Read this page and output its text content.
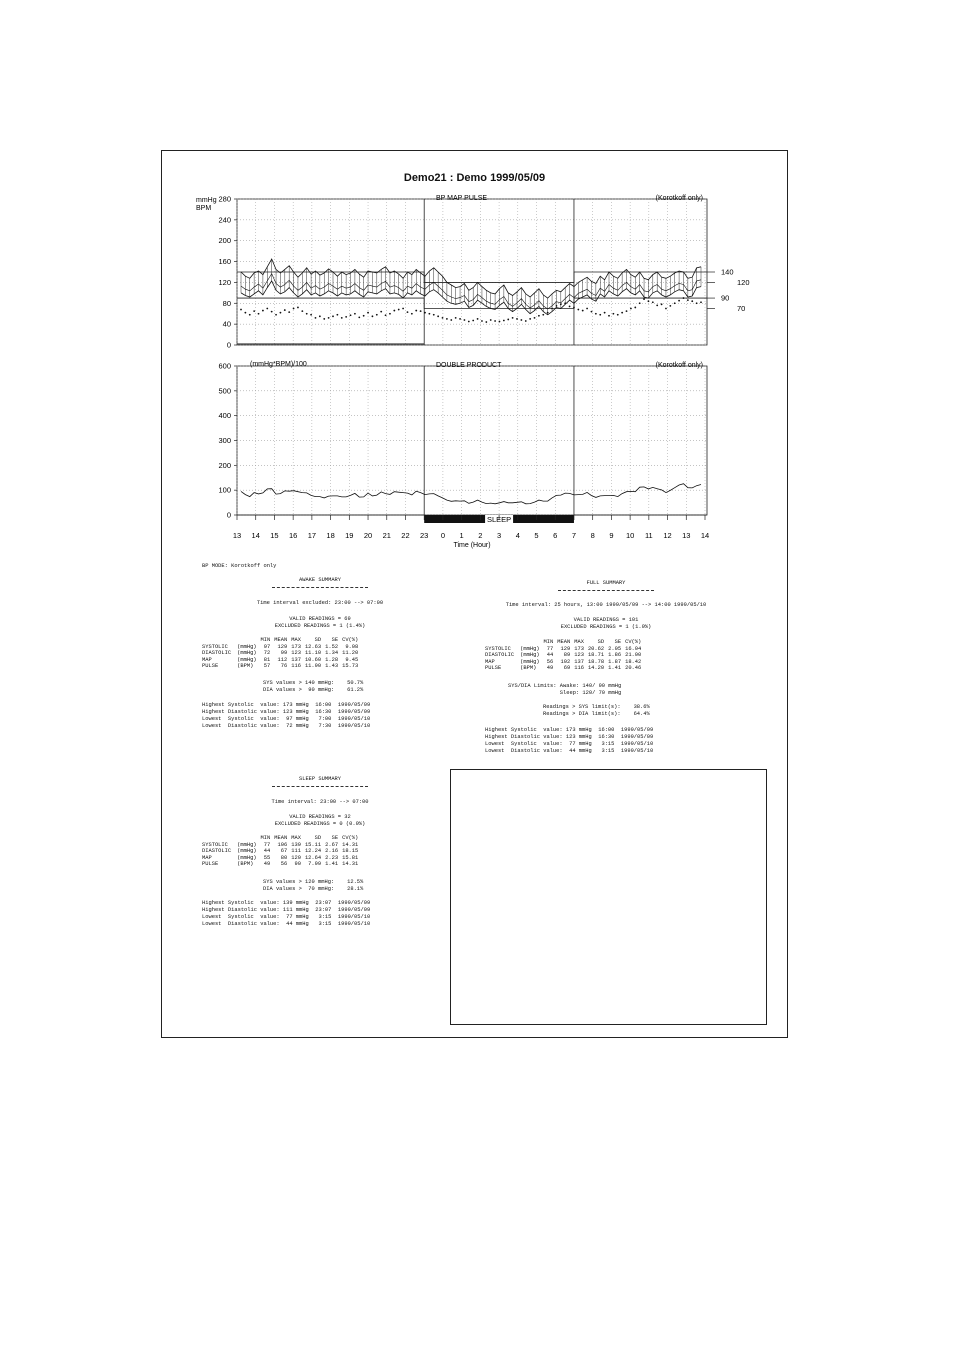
Demo21 : Demo 1999/05/09
0
40
80
120
160
200
240
280	BP MAP PULSE	(Korotkoff only)
mmHg BPM
140
120
90
70
0
100
200
300
400
500
600	DOUBLE PRODUCT	(Korotkoff only)
(mmHg*BPM)/100
SLEEP
13 14 15 16 17 18 19 20 21 22 23 0 1 2 3 4 5 6 7 8 9 10 11 12 13 14
Time (Hour)
BP MODE: Korotkoff only
AWAKE SUMMARY
Time interval excluded: 23:00 --> 07:00
VALID READINGS = 69
EXCLUDED READINGS = 1 (1.4%)
		MIN	MEAN	MAX	SD	SE	CV(%)
SYSTOLIC	(mmHg)	97	129	173	12.63	1.52	9.08
DIASTOLIC	(mmHg)	72	99	123	11.10	1.34	11.20
MAP	(mmHg)	81	112	137	10.60	1.28	9.45
PULSE	(BPM)	57	76	116	11.90	1.43	15.73
SYS values > 140 mmHg:    50.7%
DIA values >  90 mmHg:    61.2%
Highest Systolic  value: 173 mmHg  16:00  1999/05/09
Highest Diastolic value: 123 mmHg  16:30  1999/05/09
Lowest  Systolic  value:  97 mmHg   7:00  1999/05/10
Lowest  Diastolic value:  72 mmHg   7:30  1999/05/10
FULL SUMMARY
Time interval: 25 hours, 13:00 1999/05/09 --> 14:00 1999/05/10
VALID READINGS = 101
EXCLUDED READINGS = 1 (1.0%)
		MIN	MEAN	MAX	SD	SE	CV(%)
SYSTOLIC	(mmHg)	77	129	173	20.62	2.05	16.04
DIASTOLIC	(mmHg)	44	89	123	18.71	1.86	21.00
MAP	(mmHg)	56	102	137	18.78	1.87	18.42
PULSE	(BPM)	49	69	116	14.20	1.41	20.46
SYS/DIA Limits: Awake: 140/ 90 mmHg
Sleep: 120/ 70 mmHg
Readings > SYS limit(s):    38.6%
Readings > DIA limit(s):    64.4%
Highest Systolic  value: 173 mmHg  16:00  1999/05/09
Highest Diastolic value: 123 mmHg  16:30  1999/05/09
Lowest  Systolic  value:  77 mmHg   3:15  1999/05/10
Lowest  Diastolic value:  44 mmHg   3:15  1999/05/10
SLEEP SUMMARY
Time interval: 23:00 --> 07:00
VALID READINGS = 32
EXCLUDED READINGS = 0 (0.0%)
		MIN	MEAN	MAX	SD	SE	CV(%)
SYSTOLIC	(mmHg)	77	106	139	15.11	2.67	14.31
DIASTOLIC	(mmHg)	44	67	111	12.24	2.16	18.15
MAP	(mmHg)	55	80	120	12.64	2.23	15.81
PULSE	(BPM)	49	56	90	7.99	1.41	14.31
SYS values > 120 mmHg:    12.5%
DIA values >  70 mmHg:    28.1%
Highest Systolic  value: 139 mmHg  23:07  1999/05/09
Highest Diastolic value: 111 mmHg  23:07  1999/05/09
Lowest  Systolic  value:  77 mmHg   3:15  1999/05/10
Lowest  Diastolic value:  44 mmHg   3:15  1999/05/10
